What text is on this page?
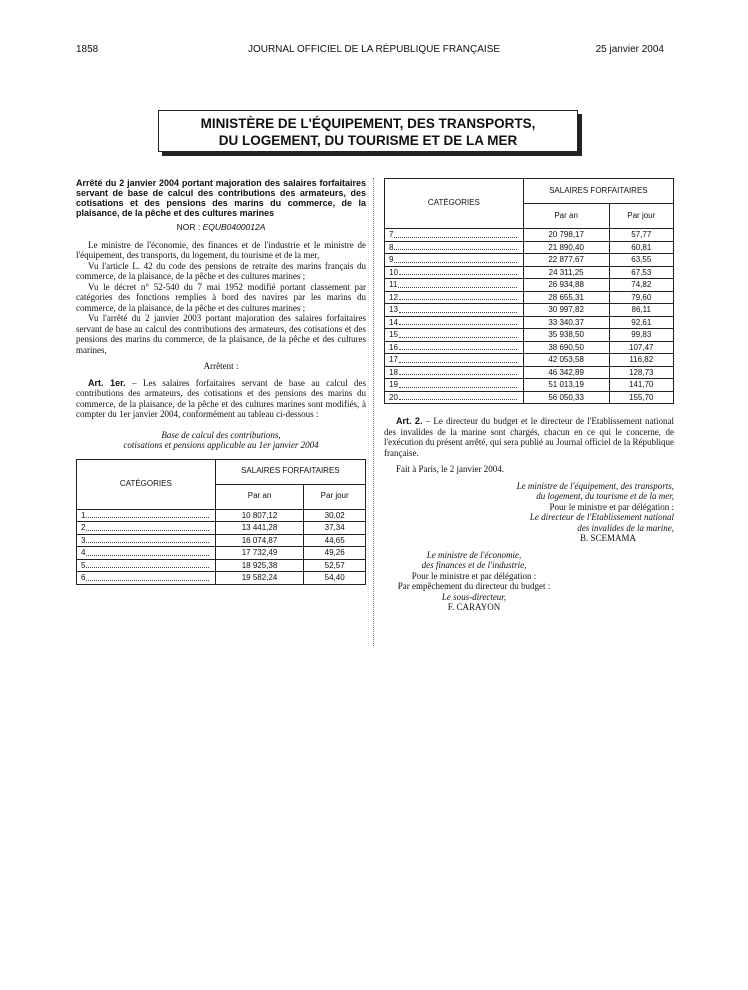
1858	JOURNAL OFFICIEL DE LA RÉPUBLIQUE FRANÇAISE	25 janvier 2004
MINISTÈRE DE L'ÉQUIPEMENT, DES TRANSPORTS,
DU LOGEMENT, DU TOURISME ET DE LA MER

Arrêté du 2 janvier 2004 portant majoration des salaires forfaitaires servant de base de calcul des contributions des armateurs, des cotisations et des pensions des marins du commerce, de la plaisance, de la pêche et des cultures marines

NOR : EQUB0400012A

Le ministre de l'économie, des finances et de l'industrie et le ministre de l'équipement, des transports, du logement, du tourisme et de la mer,

Vu l'article L. 42 du code des pensions de retraite des marins français du commerce, de la plaisance, de la pêche et des cultures marines ;

Vu le décret n° 52-540 du 7 mai 1952 modifié portant classement par catégories des fonctions remplies à bord des navires par les marins du commerce, de la plaisance, de la pêche et des cultures marines ;

Vu l'arrêté du 2 janvier 2003 portant majoration des salaires forfaitaires servant de base au calcul des contributions des armateurs, des cotisations et des pensions des marins du commerce, de la plaisance, de la pêche et des cultures marines,

Arrêtent :

Art. 1er. – Les salaires forfaitaires servant de base au calcul des contributions des armateurs, des cotisations et des pensions des marins du commerce, de la plaisance, de la pêche et des cultures marines sont modifiés, à compter du 1er janvier 2004, conformément au tableau ci-dessous :

Base de calcul des contributions,
cotisations et pensions applicable au 1er janvier 2004
CATÉGORIES	SALAIRES FORFAITAIRES	
	Par an	Par jour

1	10 807,12	30,02

2	13 441,28	37,34

3	16 074,87	44,65

4	17 732,49	49,26

5	18 925,38	52,57

6	19 582,24	54,40
CATÉGORIES	SALAIRES FORFAITAIRES	
	Par an	Par jour

7	20 798,17	57,77

8	21 890,40	60,81

9	22 877,67	63,55

10	24 311,25	67,53

11	26 934,88	74,82

12	28 655,31	79,60

13	30 997,82	86,11

14	33 340,37	92,61

15	35 938,50	99,83

16	38 690,50	107,47

17	42 053,58	116,82

18	46 342,89	128,73

19	51 013,19	141,70

20	56 050,33	155,70

Art. 2. – Le directeur du budget et le directeur de l'Etablissement national des invalides de la marine sont chargés, chacun en ce qui le concerne, de l'exécution du présent arrêté, qui sera publié au Journal officiel de la République française.

Fait à Paris, le 2 janvier 2004.

Le ministre de l'équipement, des transports,
du logement, du tourisme et de la mer,
Pour le ministre et par délégation :
Le directeur de l'Etablissement national
des invalides de la marine,
B. SCEMAMA
Le ministre de l'économie,
des finances et de l'industrie,
Pour le ministre et par délégation :
Par empêchement du directeur du budget :
Le sous-directeur,
F. CARAYON
